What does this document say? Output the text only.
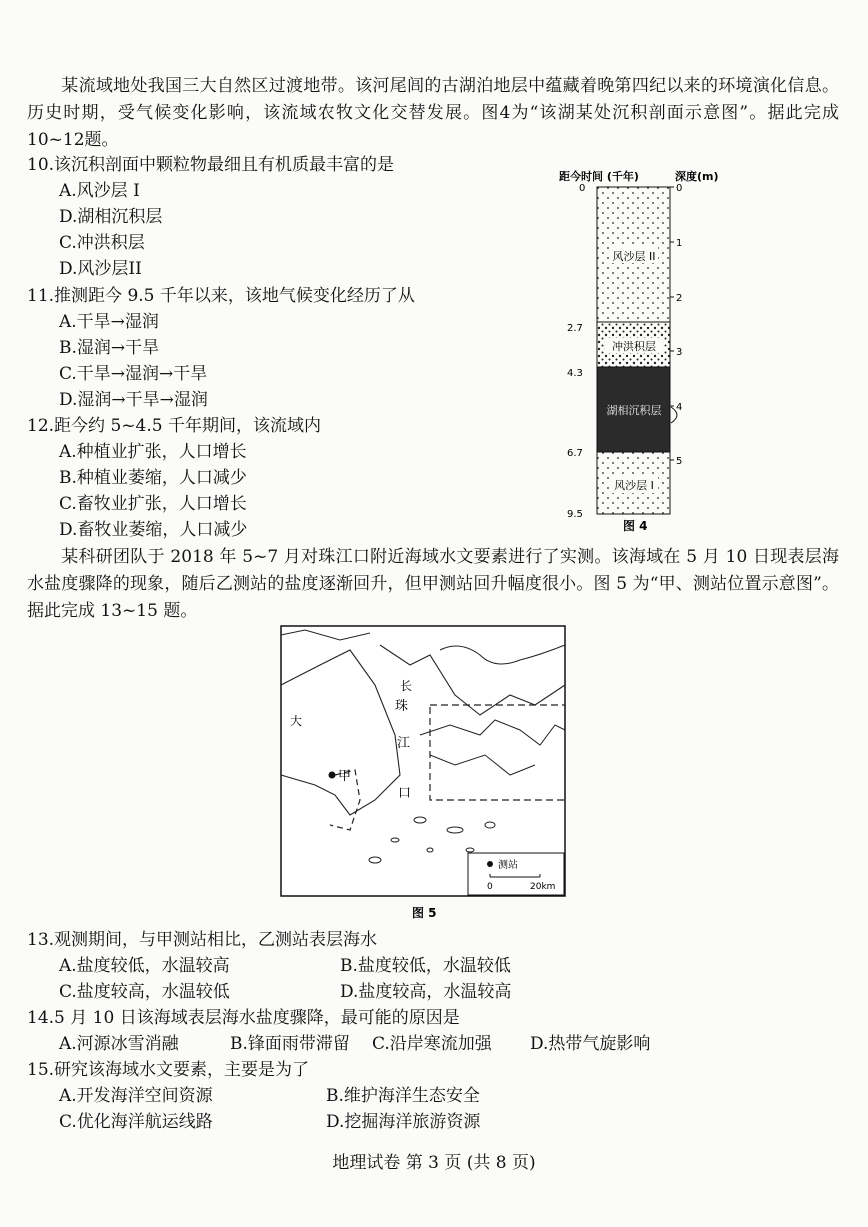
某流域地处我国三大自然区过渡地带。该河尾闾的古湖泊地层中蕴藏着晚第四纪以来的环境演化信息。历史时期，受气候变化影响，该流域农牧文化交替发展。图4为“该湖某处沉积剖面示意图”。据此完成10~12题。
10.该沉积剖面中颗粒物最细且有机质最丰富的是
A.风沙层 I
D.湖相沉积层
C.冲洪积层
D.风沙层II
11.推测距今 9.5 千年以来，该地气候变化经历了从
A.干旱→湿润
B.湿润→干旱
C.干旱→湿润→干旱
D.湿润→干旱→湿润
12.距今约 5~4.5 千年期间，该流域内
A.种植业扩张，人口增长
B.种植业萎缩，人口减少
C.畜牧业扩张，人口增长
D.畜牧业萎缩，人口减少
距今时间 (千年)	深度(m)
风沙层 II
冲洪积层
湖相沉积层
风沙层 I
0
2.7
4.3
6.7
9.5
0
1
2
3
4
5
图 4
某科研团队于 2018 年 5~7 月对珠江口附近海域水文要素进行了实测。该海域在 5 月 10 日现表层海水盐度骤降的现象，随后乙测站的盐度逐渐回升，但甲测站回升幅度很小。图 5 为“甲、测站位置示意图”。据此完成 13~15 题。
珠
江
口
长
大
甲
测站
0	20km
图 5
13.观测期间，与甲测站相比，乙测站表层海水
A.盐度较低，水温较高	B.盐度较低，水温较低
C.盐度较高，水温较低	D.盐度较高，水温较高
14.5 月 10 日该海域表层海水盐度骤降，最可能的原因是
A.河源冰雪消融	B.锋面雨带滞留 C.沿岸寒流加强 D.热带气旋影响
15.研究该海域水文要素，主要是为了
A.开发海洋空间资源	B.维护海洋生态安全
C.优化海洋航运线路	D.挖掘海洋旅游资源
地理试卷 第 3 页 (共 8 页)
